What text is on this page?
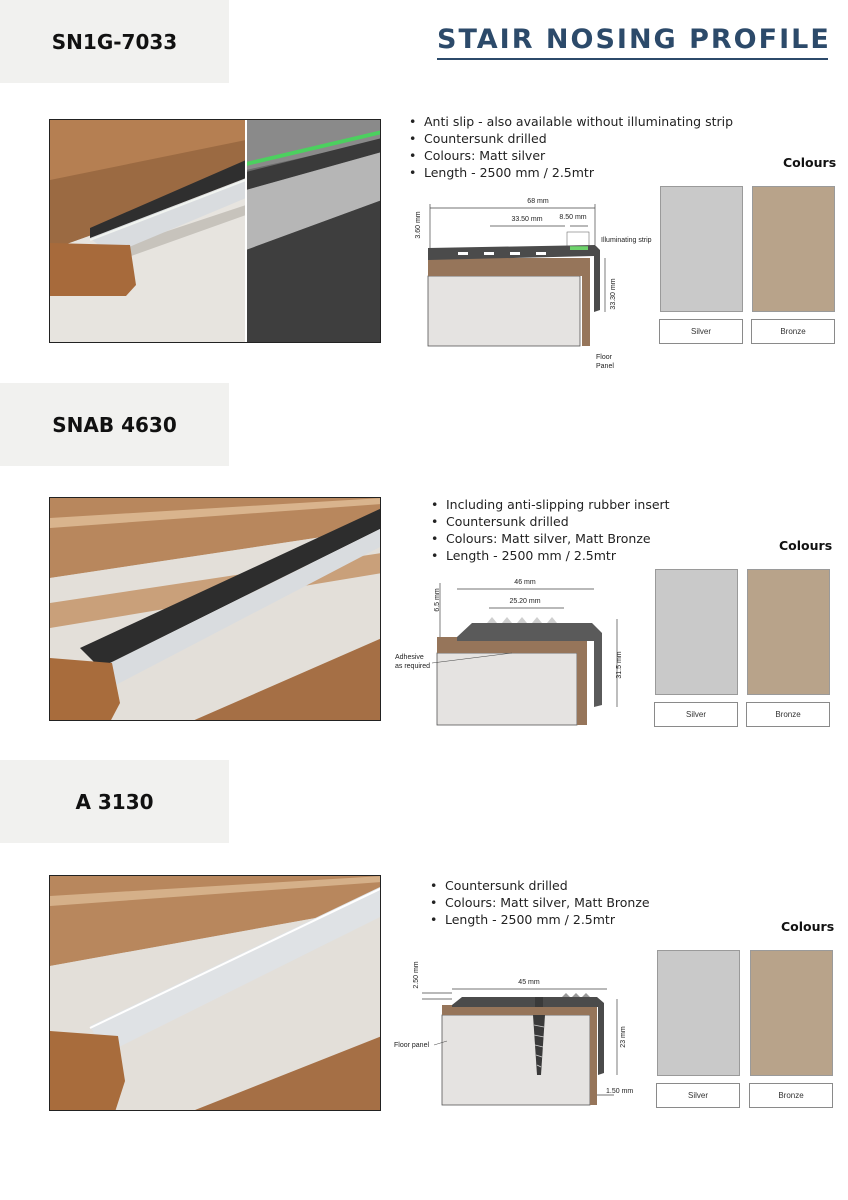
SN1G-7033	STAIR NOSING PROFILE
• Anti slip - also available without illuminating strip
• Countersunk drilled
• Colours: Matt silver
• Length - 2500 mm / 2.5mtr
68 mm
33.50 mm 8.50 mm
3.60 mm
Illuminating strip
33.30 mm
Floor
Panel
Colours
Silver	Bronze
SNAB 4630
• Including anti-slipping rubber insert
• Countersunk drilled
• Colours: Matt silver, Matt Bronze
• Length - 2500 mm / 2.5mtr
46 mm
25.20 mm
6.5 mm
31.5 mm
Adhesive
as required
Colours
Silver	Bronze
A 3130
• Countersunk drilled
• Colours: Matt silver, Matt Bronze
• Length - 2500 mm / 2.5mtr
45 mm
2.50 mm
23 mm
1.50 mm
Floor panel
Colours
Silver	Bronze
